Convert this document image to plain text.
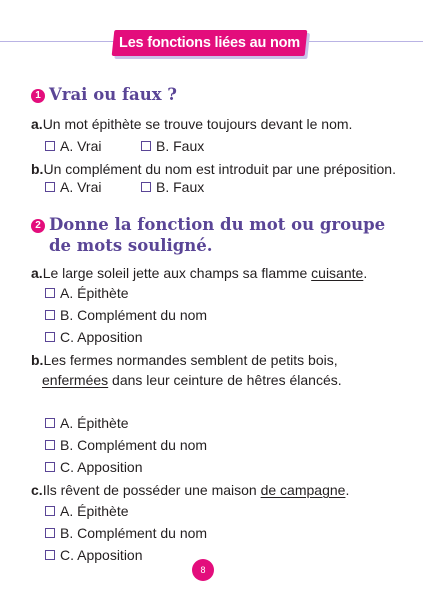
Les fonctions liées au nom
1 Vrai ou faux ?
a.Un mot épithète se trouve toujours devant le nom.
A. Vrai	B. Faux
b.Un complément du nom est introduit par une préposition.
A. Vrai	B. Faux
2 Donne la fonction du mot ou groupe
de mots souligné.
a.Le large soleil jette aux champs sa flamme cuisante.
A. Épithète
B. Complément du nom
C. Apposition
b.Les fermes normandes semblent de petits bois,
enfermées dans leur ceinture de hêtres élancés.
A. Épithète
B. Complément du nom
C. Apposition
c.Ils rêvent de posséder une maison de campagne.
A. Épithète
B. Complément du nom
C. Apposition
8
